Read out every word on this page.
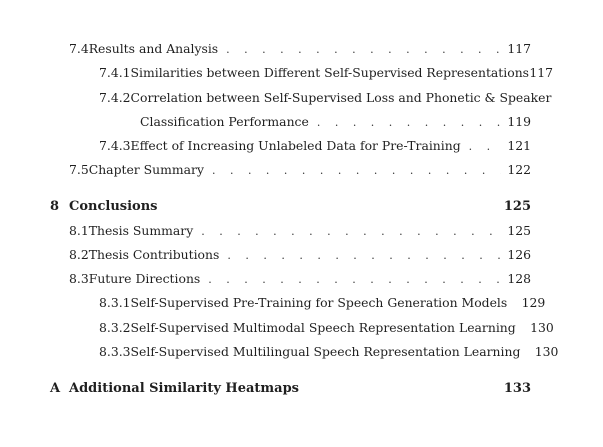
7.4 Results and Analysis . . .	117
7.4.1 Similarities between Different Self-Supervised Representations 117
7.4.2 Correlation between Self-Supervised Loss and Phonetic & Speaker
Classification Performance . . .	119
7.4.3 Effect of Increasing Unlabeled Data for Pre-Training . . .	121
7.5 Chapter Summary . . .	122
8 Conclusions	125
8.1 Thesis Summary . . .	125
8.2 Thesis Contributions . . .	126
8.3 Future Directions . . .	128
8.3.1 Self-Supervised Pre-Training for Speech Generation Models 129
8.3.2 Self-Supervised Multimodal Speech Representation Learning 130
8.3.3 Self-Supervised Multilingual Speech Representation Learning 130
A Additional Similarity Heatmaps	133
